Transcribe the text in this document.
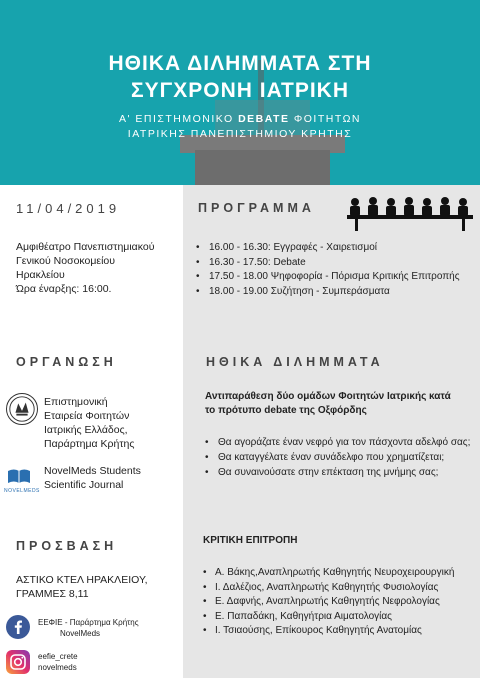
ΗΘΙΚΑ ΔΙΛΗΜΜΑΤΑ ΣΤΗ
ΣΥΓΧΡΟΝΗ ΙΑΤΡΙΚΗ
Α' ΕΠΙΣΤΗΜΟΝΙΚΟ DEBATE ΦΟΙΤΗΤΩΝ
ΙΑΤΡΙΚΗΣ ΠΑΝΕΠΙΣΤΗΜΙΟΥ ΚΡΗΤΗΣ
11/04/2019
Αμφιθέατρο Πανεπιστημιακού
Γενικού Νοσοκομείου
Ηρακλείου
Ώρα έναρξης: 16:00.
ΠΡΟΓΡΑΜΜΑ
• 16.00 - 16.30: Εγγραφές - Χαιρετισμοί
• 16.30 - 17.50: Debate
• 17.50 - 18.00 Ψηφοφορία - Πόρισμα Κριτικής Επιτροπής
• 18.00 - 19.00 Συζήτηση - Συμπεράσματα
ΟΡΓΑΝΩΣΗ
Επιστημονική
Εταιρεία Φοιτητών
Ιατρικής Ελλάδος,
Παράρτημα Κρήτης
NOVELMEDS
NovelMeds Students
Scientific Journal
ΗΘΙΚΑ ΔΙΛΗΜΜΑΤΑ
Αντιπαράθεση δύο ομάδων Φοιτητών Ιατρικής κατά
το πρότυπο debate της Οξφόρδης
• Θα αγοράζατε έναν νεφρό για τον πάσχοντα αδελφό σας;
• Θα καταγγέλατε έναν συνάδελφο που χρηματίζεται;
• Θα συναινούσατε στην επέκταση της μνήμης σας;
ΚΡΙΤΙΚΗ ΕΠΙΤΡΟΠΗ
• Α. Βάκης,Αναπληρωτής Καθηγητής Νευροχειρουργική
• Ι. Δαλέζιος, Αναπληρωτής Καθηγητής Φυσιολογίας
• Ε. Δαφνής, Αναπληρωτής Καθηγητής Νεφρολογίας
• Ε. Παπαδάκη, Καθηγήτρια Αιματολογίας
• Ι. Τσιαούσης, Επίκουρος Καθηγητής Ανατομίας
ΠΡΟΣΒΑΣΗ
ΑΣΤΙΚΟ ΚΤΕΛ ΗΡΑΚΛΕΙΟΥ,
ΓΡΑΜΜΕΣ 8,11
ΕΕΦΙΕ - Παράρτημα Κρήτης
NovelMeds
eefie_crete
novelmeds
